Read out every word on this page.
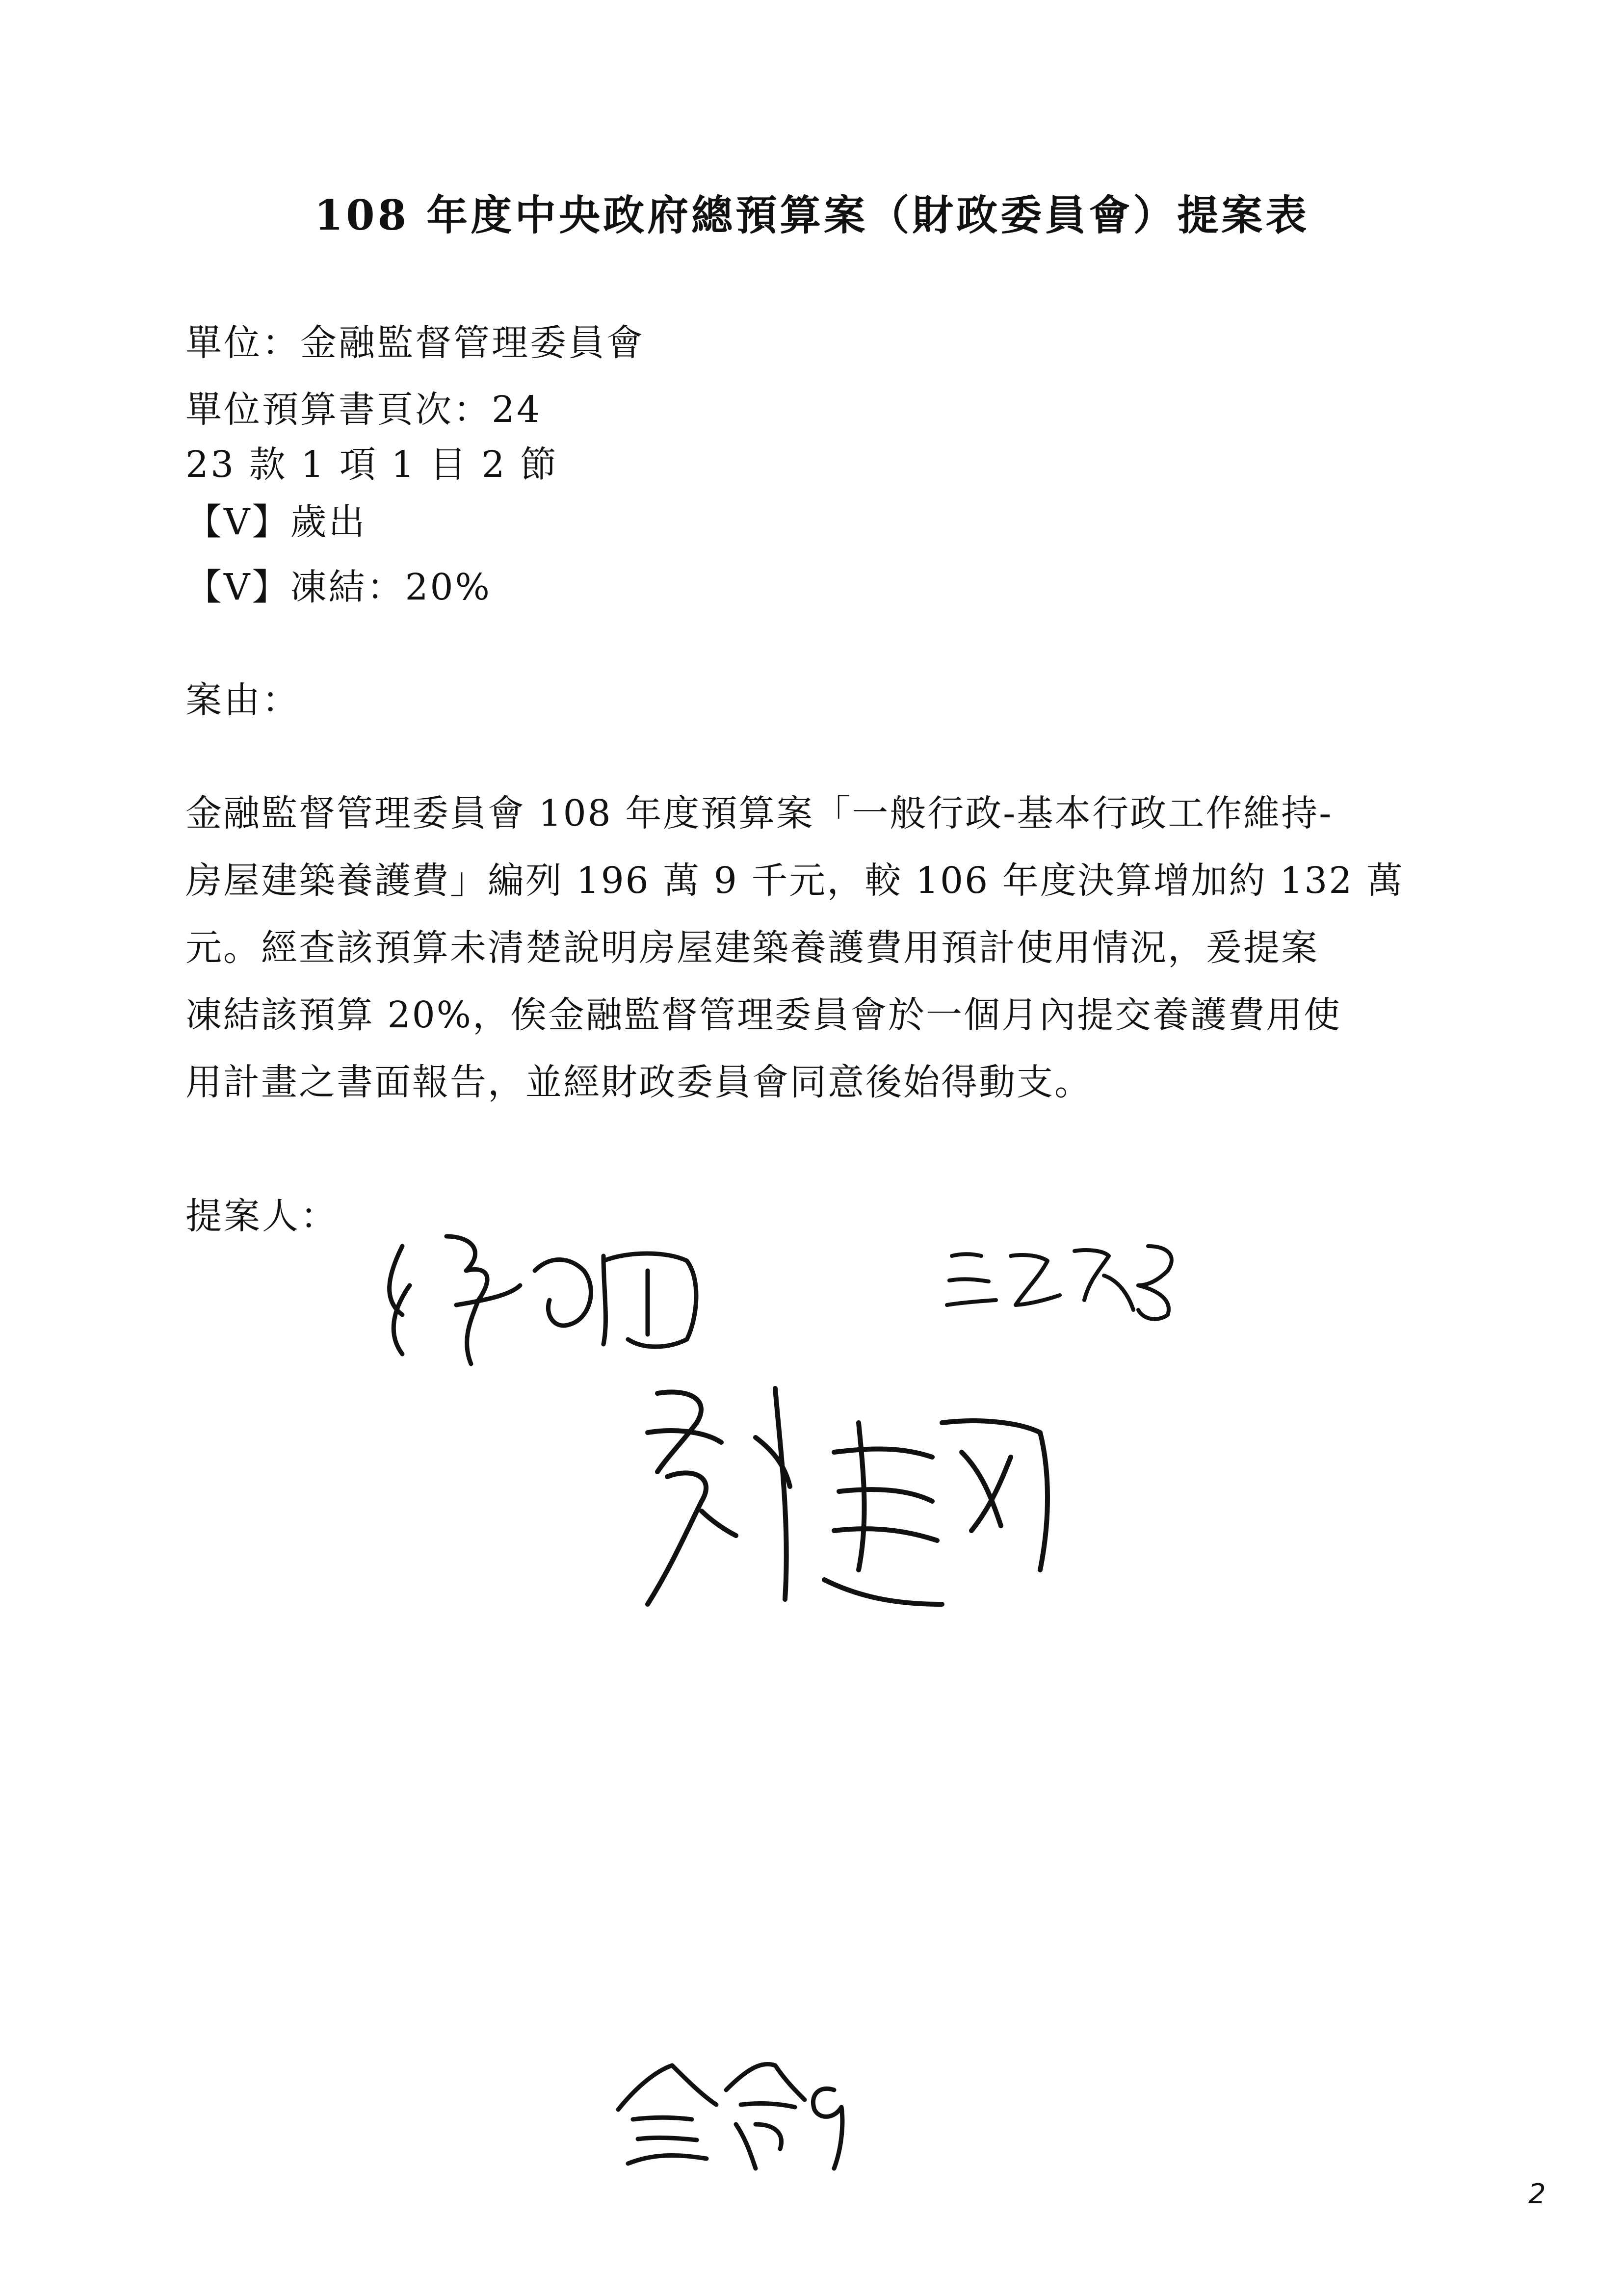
108 年度中央政府總預算案（財政委員會）提案表
單位：金融監督管理委員會
單位預算書頁次：24
23 款 1 項 1 目 2 節
【V】歲出
【V】凍結：20%
案由：
金融監督管理委員會 108 年度預算案「一般行政-基本行政工作維持-
房屋建築養護費」編列 196 萬 9 千元，較 106 年度決算增加約 132 萬
元。經查該預算未清楚說明房屋建築養護費用預計使用情況，爰提案
凍結該預算 20%，俟金融監督管理委員會於一個月內提交養護費用使
用計畫之書面報告，並經財政委員會同意後始得動支。
提案人：
2
